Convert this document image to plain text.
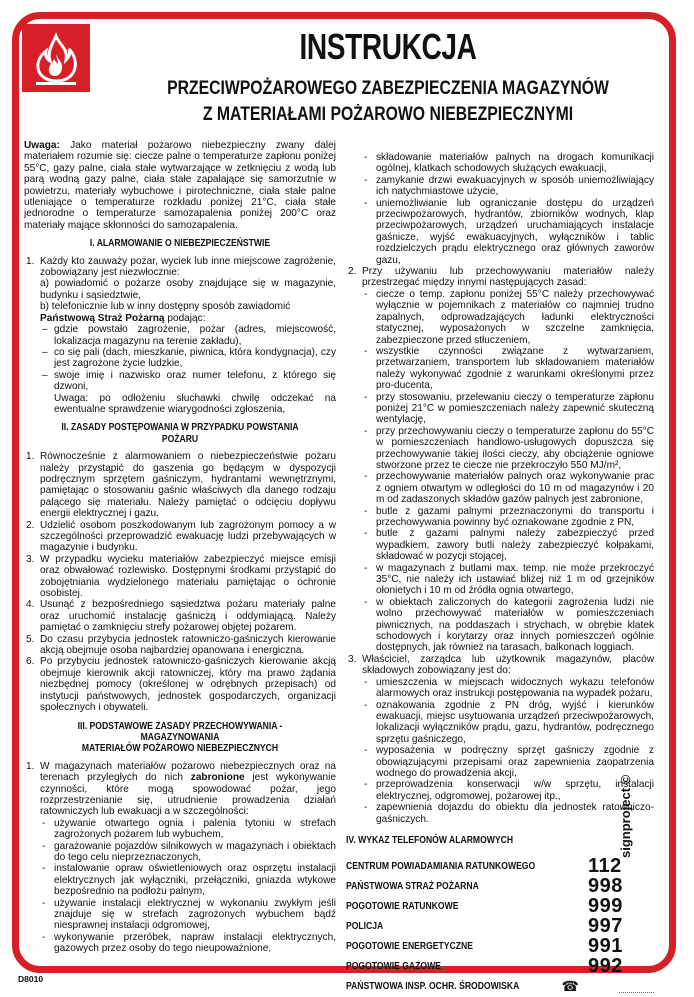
INSTRUKCJA
PRZECIWPOŻAROWEGO ZABEZPIECZENIA MAGAZYNÓW
Z MATERIAŁAMI POŻAROWO NIEBEZPIECZNYMI

Uwaga: Jako materiał pożarowo niebezpieczny zwany dalej materiałem rozumie się: ciecze palne o temperaturze zapłonu poniżej 55°C, gazy palne, ciała stałe wytwarzające w zetknięciu z wodą lub parą wodną gazy palne, ciała stałe zapalające się samorzutnie w powietrzu, materiały wybuchowe i pirotechniczne, ciała stałe palne utleniające o temperaturze rozkładu poniżej 21°C, ciała stałe jednorodne o temperaturze samozapalenia poniżej 200°C oraz materiały mające skłonności do samozapalenia.

I. ALARMOWANIE O NIEBEZPIECZEŃSTWIE
1. Każdy kto zauważy pożar, wyciek lub inne miejscowe zagrożenie, zobowiązany jest niezwłocznie:
a) powiadomić o pożarze osoby znajdujące się w magazynie, budynku i sąsiedztwie,
b) telefonicznie lub w inny dostępny sposób zawiadomić
Państwową Straż Pożarną podając:
– gdzie powstało zagrożenie, pożar (adres, miejscowość, lokalizacja magazynu na terenie zakładu),
– co się pali (dach, mieszkanie, piwnica, która kondygnacja), czy jest zagrożone życie ludzkie,
– swoje imię i nazwisko oraz numer telefonu, z którego się dzwoni,
Uwaga: po odłożeniu słuchawki chwilę odczekać na ewentualne sprawdzenie wiarygodności zgłoszenia,
II. ZASADY POSTĘPOWANIA W PRZYPADKU POWSTANIA POŻARU
1. Równocześnie z alarmowaniem o niebezpieczeństwie pożaru należy przystąpić do gaszenia go będącym w dyspozycji podręcznym sprzętem gaśniczym, hydrantami wewnętrznymi, pamiętając o stosowaniu gaśnic właściwych dla danego rodzaju palącego się materiału. Należy pamiętać o odcięciu dopływu energii elektrycznej i gazu.
2. Udzielić osobom poszkodowanym lub zagrożonym pomocy a w szczególności przeprowadzić ewakuację ludzi przebywających w magazynie i budynku.
3. W przypadku wycieku materiałów zabezpieczyć miejsce emisji oraz obwałować rozlewisko. Dostępnymi środkami przystąpić do zobojętniania wydzielonego materiału pamiętając o ochronie osobistej.
4. Usunąć z bezpośredniego sąsiedztwa pożaru materiały palne oraz uruchomić instalację gaśniczą i oddymiającą. Należy pamiętać o zamknięciu strefy pożarowej objętej pożarem.
5. Do czasu przybycia jednostek ratowniczo-gaśniczych kierowanie akcją obejmuje osoba najbardziej opanowana i energiczna.
6. Po przybyciu jednostek ratowniczo-gaśniczych kierowanie akcją obejmuje kierownik akcji ratowniczej, który ma prawo żądania niezbędnej pomocy (określonej w odrębnych przepisach) od instytucji państwowych, jednostek gospodarczych, organizacji społecznych i obywateli.
III. PODSTAWOWE ZASADY PRZECHOWYWANIA - MAGAZYNOWANIA
MATERIAŁÓW POŻAROWO NIEBEZPIECZNYCH
1. W magazynach materiałów pożarowo niebezpiecznych oraz na terenach przyległych do nich zabronione jest wykonywanie czynności, które mogą spowodować pożar, jego rozprzestrzenianie się, utrudnienie prowadzenia działań ratowniczych lub ewakuacji a w szczególności:
- używanie otwartego ognia i palenia tytoniu w strefach zagrożonych pożarem lub wybuchem,
- garażowanie pojazdów silnikowych w magazynach i obiektach do tego celu nieprzeznaczonych,
- instalowanie opraw oświetleniowych oraz osprzętu instalacji elektrycznych jak wyłączniki, przełączniki, gniazda wtykowe bezpośrednio na podłożu palnym,
- używanie instalacji elektrycznej w wykonaniu zwykłym jeśli znajduje się w strefach zagrożonych wybuchem bądź niesprawnej instalacji odgromowej,
- wykonywanie przeróbek, napraw instalacji elektrycznych, gazowych przez osoby do tego nieupoważnione,
- składowanie materiałów palnych na drogach komunikacji ogólnej, klatkach schodowych służących ewakuacji,
- zamykanie drzwi ewakuacyjnych w sposób uniemożliwiający ich natychmiastowe użycie,
- uniemożliwianie lub ograniczanie dostępu do urządzeń przeciwpożarowych, hydrantów, zbiorników wodnych, klap przeciwpożarowych, urządzeń uruchamiających instalacje gaśnicze, wyjść ewakuacyjnych, wyłączników i tablic rozdzielczych prądu elektrycznego oraz głównych zaworów gazu,
2. Przy używaniu lub przechowywaniu materiałów należy przestrzegać między innymi następujących zasad:
- ciecze o temp. zapłonu poniżej 55°C należy przechowywać wyłącznie w pojemnikach z materiałów co najmniej trudno zapalnych, odprowadzających ładunki elektryczności statycznej, wyposażonych w szczelne zamknięcia, zabezpieczone przed stłuczeniem,
- wszystkie czynności związane z wytwarzaniem, przetwarzaniem, transportem lub składowaniem materiałów należy wykonywać zgodnie z warunkami określonymi przez pro-ducenta,
- przy stosowaniu, przelewaniu cieczy o temperaturze zapłonu poniżej 21°C w pomieszczeniach należy zapewnić skuteczną wentylację,
- przy przechowywaniu cieczy o temperaturze zapłonu do 55°C w pomieszczeniach handlowo-usługowych dopuszcza się przechowywanie takiej ilości cieczy, aby obciążenie ogniowe stworzone przez te ciecze nie przekroczyło 550 MJ/m²,
- przechowywanie materiałów palnych oraz wykonywanie prac z ogniem otwartym w odległości do 10 m od magazynów i 20 m od zadaszonych składów gazów palnych jest zabronione,
- butle z gazami palnymi przeznaczonymi do transportu i przechowywania powinny być oznakowane zgodnie z PN,
- butle z gazami palnymi należy zabezpieczyć przed wypadkiem, zawory butli należy zabezpieczyć kołpakami, składować w pozycji stojącej,
- w magazynach z butlami max. temp. nie może przekroczyć 35°C, nie należy ich ustawiać bliżej niż 1 m od grzejników ołonietych i 10 m od źródła ognia otwartego,
- w obiektach zaliczonych do kategorii zagrożenia ludzi nie wolno przechowywać materiałów w pomieszczeniach piwnicznych, na poddaszach i strychach, w obrębie klatek schodowych i korytarzy oraz innych pomieszczeń ogólnie dostępnych, jak również na tarasach, balkonach loggiach.
3. Właściciel, zarządca lub użytkownik magazynów, placów składowych zobowiązany jest do:
- umieszczenia w miejscach widocznych wykazu telefonów alarmowych oraz instrukcji postępowania na wypadek pożaru,
- oznakowania zgodnie z PN dróg, wyjść i kierunków ewakuacji, miejsc usytuowania urządzeń przeciwpożarowych, lokalizacji wyłączników prądu, gazu, hydrantów, podręcznego sprzętu gaśniczego,
- wyposażenia w podręczny sprzęt gaśniczy zgodnie z obowiązującymi przepisami oraz zapewnienia zaopatrzenia wodnego do prowadzenia akcji,
- przeprowadzenia konserwacji w/w sprzętu, instalacji elektrycznej, odgromowej, pożarowej itp.,
- zapewnienia dojazdu do obiektu dla jednostek ratowniczo-gaśniczych.
IV. WYKAZ TELEFONÓW ALARMOWYCH
CENTRUM POWIADAMIANIA RATUNKOWEGO	112
PAŃSTWOWA STRAŻ POŻARNA	998
POGOTOWIE RATUNKOWE	999
POLICJA	997
POGOTOWIE ENERGETYCZNE	991
POGOTOWIE GAZOWE	992
PAŃSTWOWA INSP. OCHR. ŚRODOWISKA	☎
signproject ©
D8010
